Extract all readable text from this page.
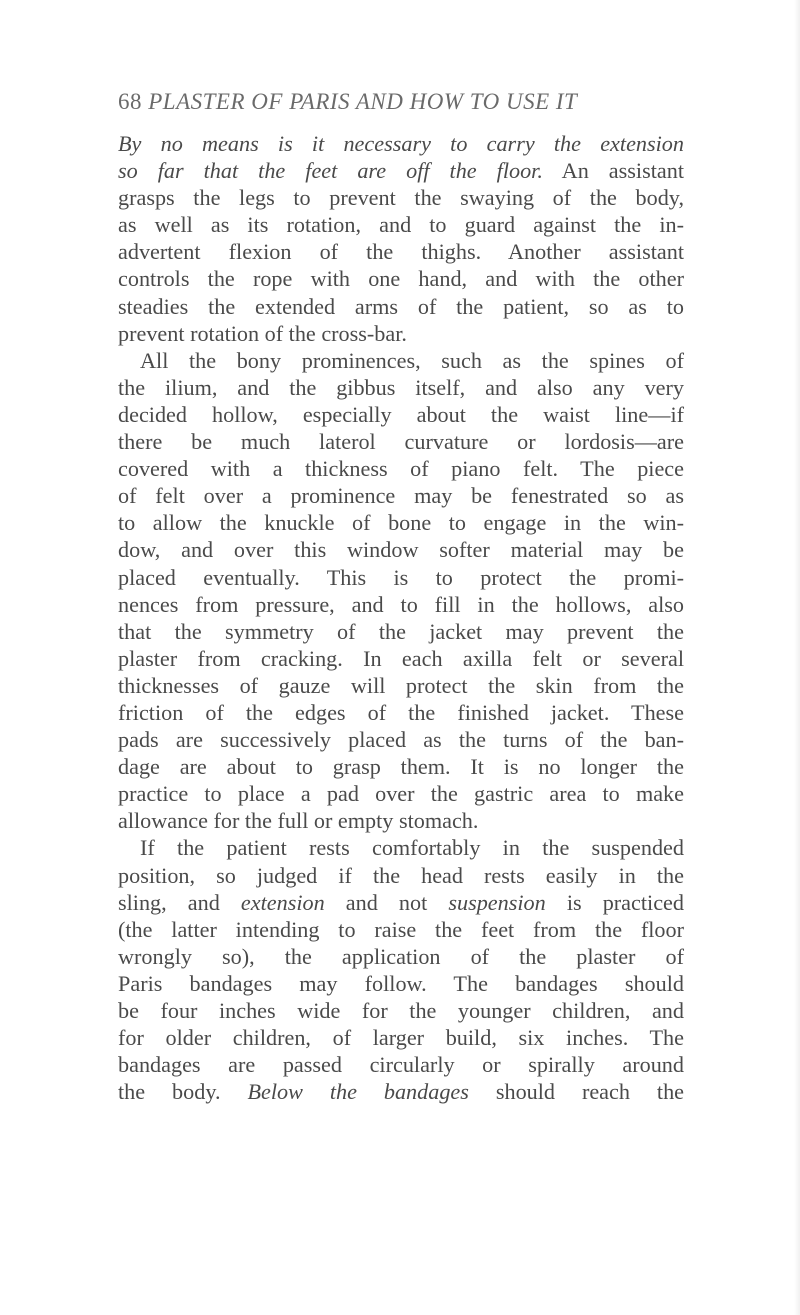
68 PLASTER OF PARIS AND HOW TO USE IT
By no means is it necessary to carry the extension
so far that the feet are off the floor. An assistant
grasps the legs to prevent the swaying of the body,
as well as its rotation, and to guard against the in-
advertent flexion of the thighs. Another assistant
controls the rope with one hand, and with the other
steadies the extended arms of the patient, so as to
prevent rotation of the cross-bar.
All the bony prominences, such as the spines of
the ilium, and the gibbus itself, and also any very
decided hollow, especially about the waist line—if
there be much laterol curvature or lordosis—are
covered with a thickness of piano felt. The piece
of felt over a prominence may be fenestrated so as
to allow the knuckle of bone to engage in the win-
dow, and over this window softer material may be
placed eventually. This is to protect the promi-
nences from pressure, and to fill in the hollows, also
that the symmetry of the jacket may prevent the
plaster from cracking. In each axilla felt or several
thicknesses of gauze will protect the skin from the
friction of the edges of the finished jacket. These
pads are successively placed as the turns of the ban-
dage are about to grasp them. It is no longer the
practice to place a pad over the gastric area to make
allowance for the full or empty stomach.
If the patient rests comfortably in the suspended
position, so judged if the head rests easily in the
sling, and extension and not suspension is practiced
(the latter intending to raise the feet from the floor
wrongly so), the application of the plaster of
Paris bandages may follow. The bandages should
be four inches wide for the younger children, and
for older children, of larger build, six inches. The
bandages are passed circularly or spirally around
the body. Below the bandages should reach the
